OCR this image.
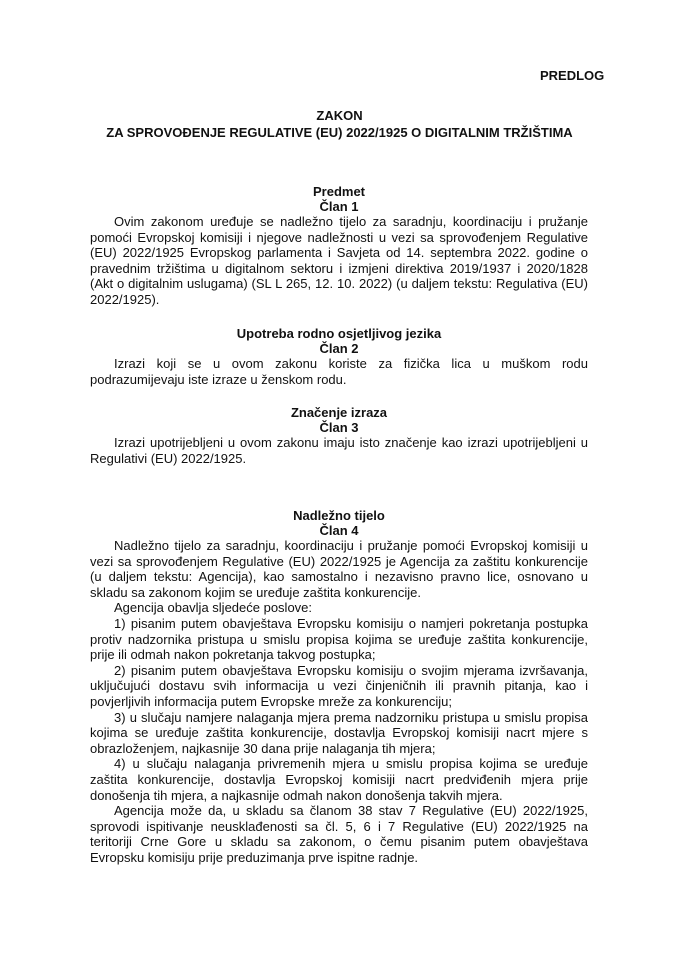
PREDLOG
ZAKON
ZA SPROVOĐENJE REGULATIVE (EU) 2022/1925 O DIGITALNIM TRŽIŠTIMA
Predmet
Član 1

Ovim zakonom uređuje se nadležno tijelo za saradnju, koordinaciju i pružanje pomoći Evropskoj komisiji i njegove nadležnosti u vezi sa sprovođenjem Regulative (EU) 2022/1925 Evropskog parlamenta i Savjeta od 14. septembra 2022. godine o pravednim tržištima u digitalnom sektoru i izmjeni direktiva 2019/1937 i 2020/1828 (Akt o digitalnim uslugama) (SL L 265, 12. 10. 2022) (u daljem tekstu: Regulativa (EU) 2022/1925).

Upotreba rodno osjetljivog jezika
Član 2

Izrazi koji se u ovom zakonu koriste za fizička lica u muškom rodu podrazumijevaju iste izraze u ženskom rodu.

Značenje izraza
Član 3

Izrazi upotrijebljeni u ovom zakonu imaju isto značenje kao izrazi upotrijebljeni u Regulativi (EU) 2022/1925.

Nadležno tijelo
Član 4

Nadležno tijelo za saradnju, koordinaciju i pružanje pomoći Evropskoj komisiji u vezi sa sprovođenjem Regulative (EU) 2022/1925 je Agencija za zaštitu konkurencije (u daljem tekstu: Agencija), kao samostalno i nezavisno pravno lice, osnovano u skladu sa zakonom kojim se uređuje zaštita konkurencije.

Agencija obavlja sljedeće poslove:

1) pisanim putem obavještava Evropsku komisiju o namjeri pokretanja postupka protiv nadzornika pristupa u smislu propisa kojima se uređuje zaštita konkurencije, prije ili odmah nakon pokretanja takvog postupka;

2) pisanim putem obavještava Evropsku komisiju o svojim mjerama izvršavanja, uključujući dostavu svih informacija u vezi činjeničnih ili pravnih pitanja, kao i povjerljivih informacija putem Evropske mreže za konkurenciju;

3) u slučaju namjere nalaganja mjera prema nadzorniku pristupa u smislu propisa kojima se uređuje zaštita konkurencije, dostavlja Evropskoj komisiji nacrt mjere s obrazloženjem, najkasnije 30 dana prije nalaganja tih mjera;

4) u slučaju nalaganja privremenih mjera u smislu propisa kojima se uređuje zaštita konkurencije, dostavlja Evropskoj komisiji nacrt predviđenih mjera prije donošenja tih mjera, a najkasnije odmah nakon donošenja takvih mjera.

Agencija može da, u skladu sa članom 38 stav 7 Regulative (EU) 2022/1925, sprovodi ispitivanje neusklađenosti sa čl. 5, 6 i 7 Regulative (EU) 2022/1925 na teritoriji Crne Gore u skladu sa zakonom, o čemu pisanim putem obavještava Evropsku komisiju prije preduzimanja prve ispitne radnje.
